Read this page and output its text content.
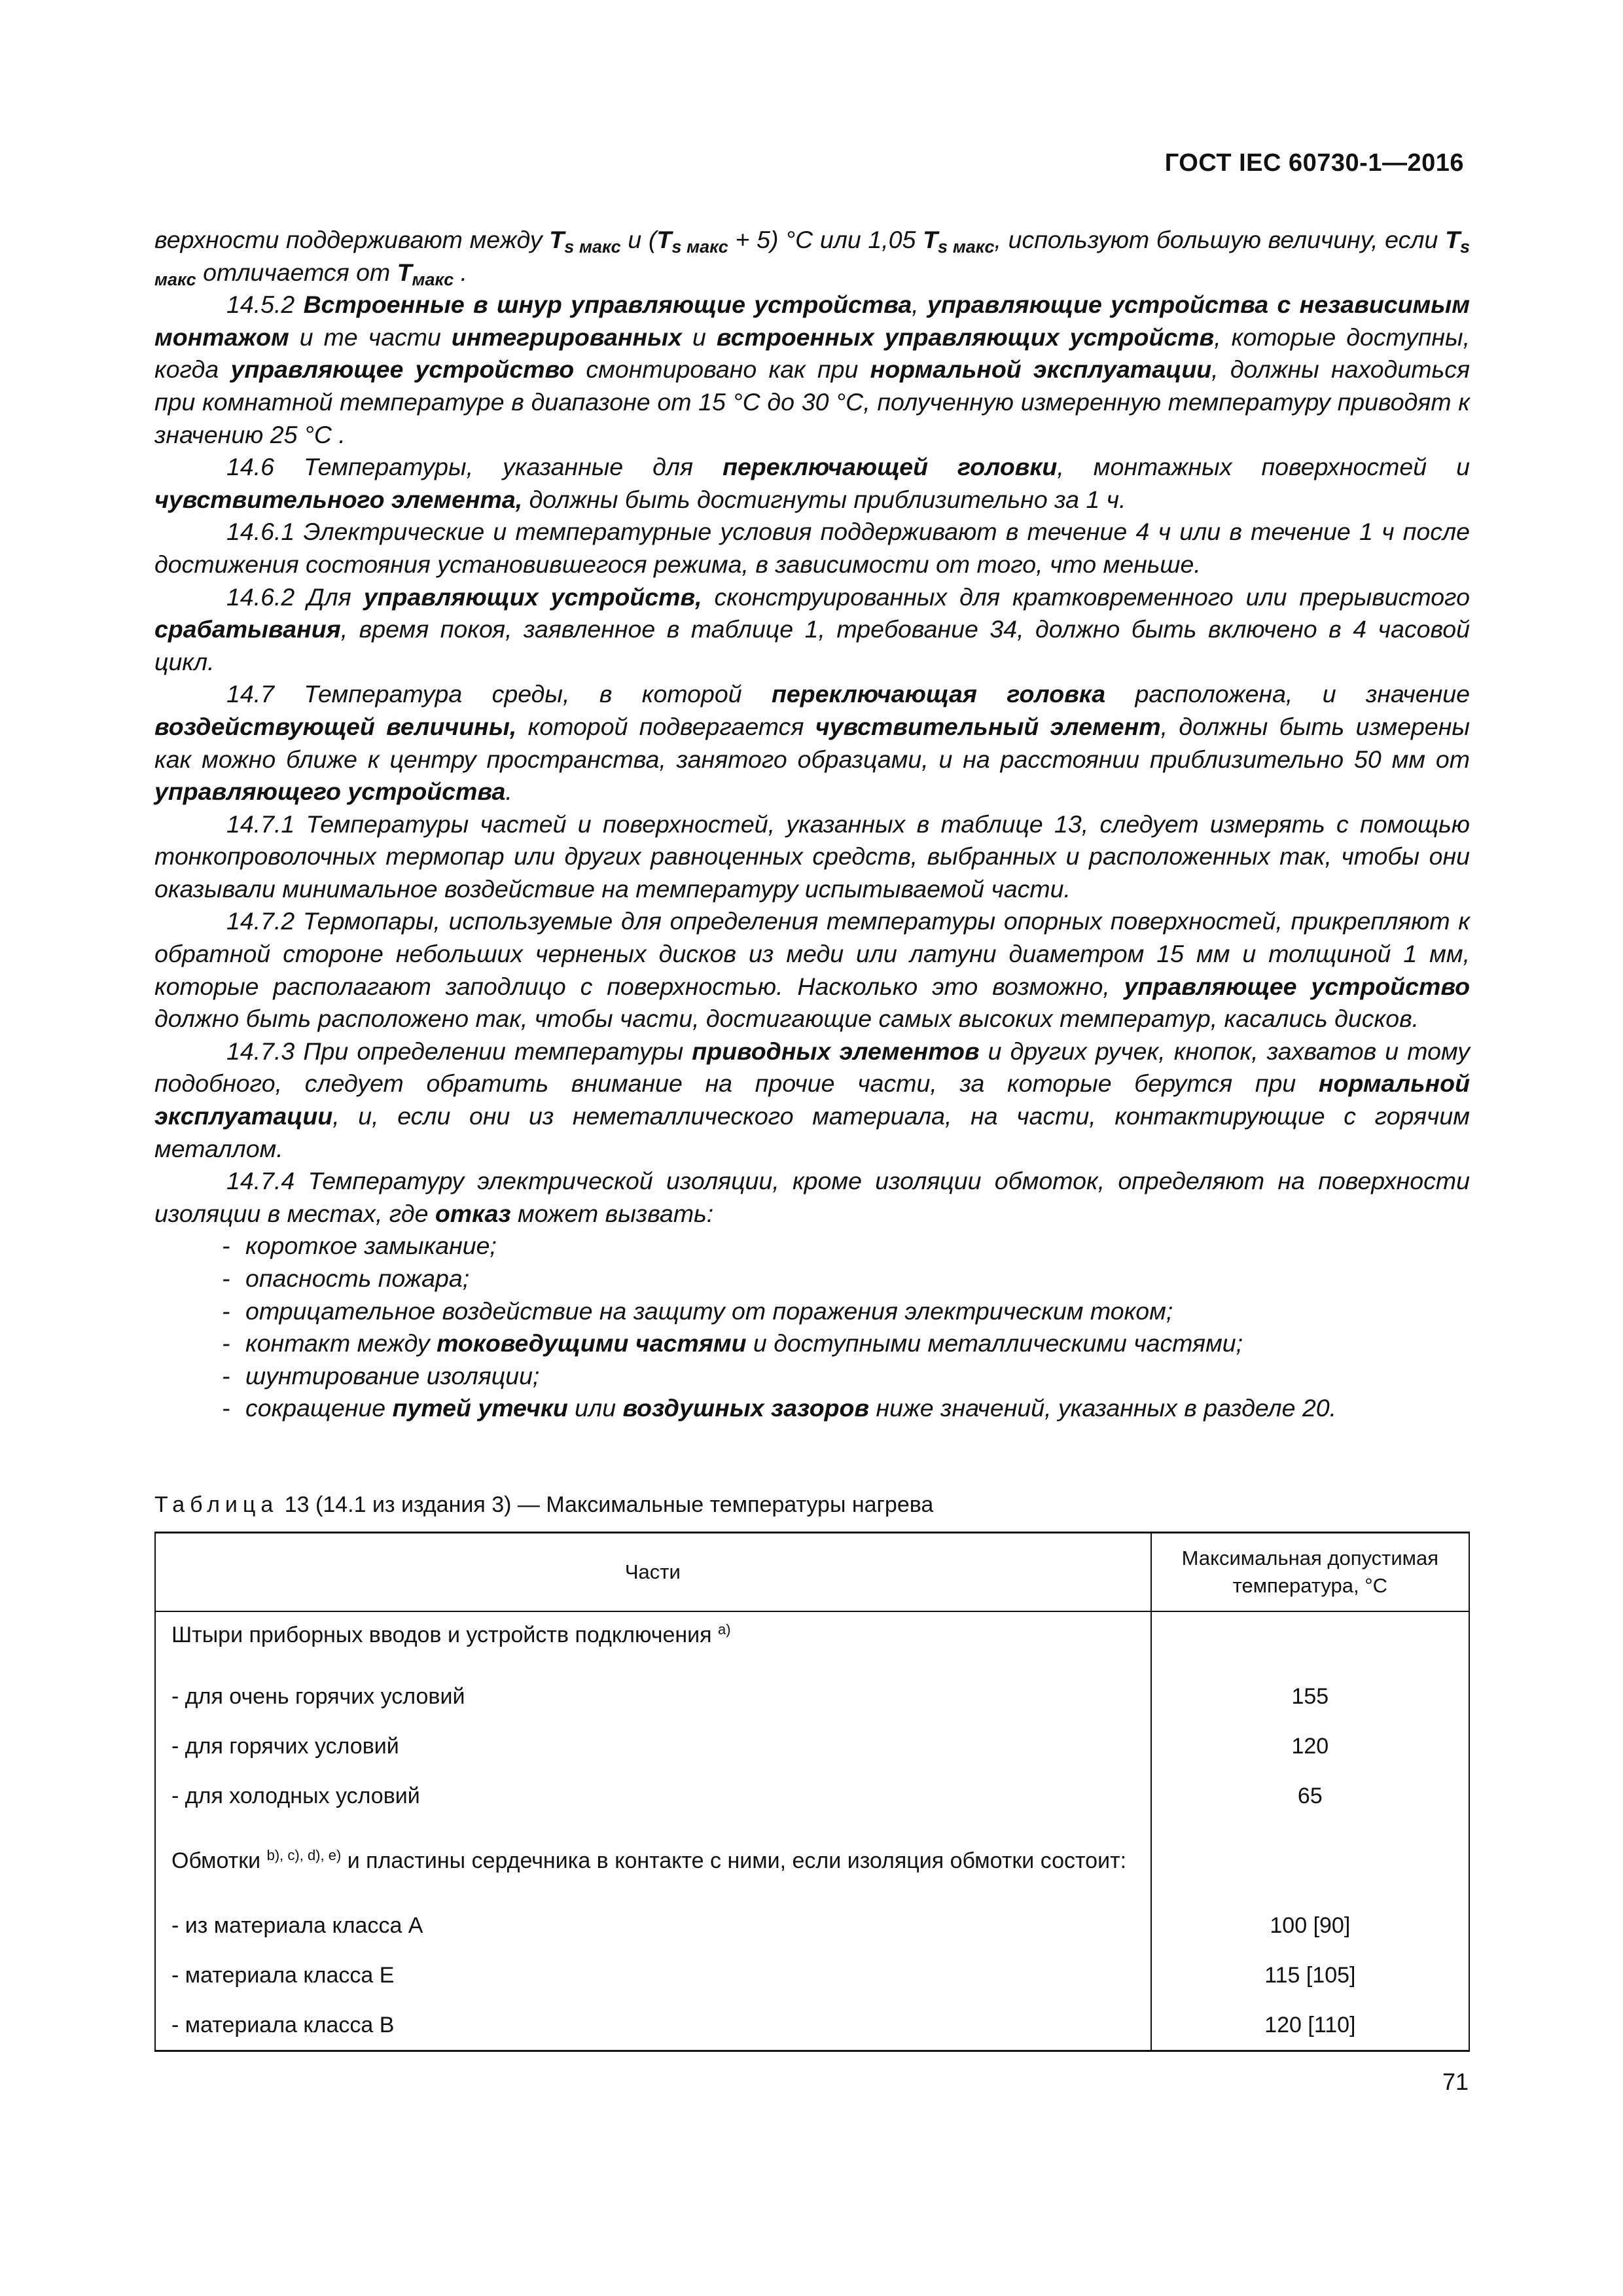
ГОСТ IEC 60730-1—2016

верхности поддерживают между $T_{s макс}$ и $(T_{s макс} + 5)$ °С или 1,05 $T_{s макс}$, используют большую величину, если $T_{s макс}$ отличается от $T_{макс}$ .

14.5.2 Встроенные в шнур управляющие устройства, управляющие устройства с независимым монтажом и те части интегрированных и встроенных управляющих устройств, которые доступны, когда управляющее устройство смонтировано как при нормальной эксплуатации, должны находиться при комнатной температуре в диапазоне от 15 °С до 30 °С, полученную измеренную температуру приводят к значению 25 °С .

14.6 Температуры, указанные для переключающей головки, монтажных поверхностей и чувствительного элемента, должны быть достигнуты приблизительно за 1 ч.

14.6.1 Электрические и температурные условия поддерживают в течение 4 ч или в течение 1 ч после достижения состояния установившегося режима, в зависимости от того, что меньше.

14.6.2 Для управляющих устройств, сконструированных для кратковременного или прерывистого срабатывания, время покоя, заявленное в таблице 1, требование 34, должно быть включено в 4 часовой цикл.

14.7 Температура среды, в которой переключающая головка расположена, и значение воздействующей величины, которой подвергается чувствительный элемент, должны быть измерены как можно ближе к центру пространства, занятого образцами, и на расстоянии приблизительно 50 мм от управляющего устройства.

14.7.1 Температуры частей и поверхностей, указанных в таблице 13, следует измерять с помощью тонкопроволочных термопар или других равноценных средств, выбранных и расположенных так, чтобы они оказывали минимальное воздействие на температуру испытываемой части.

14.7.2 Термопары, используемые для определения температуры опорных поверхностей, прикрепляют к обратной стороне небольших черненых дисков из меди или латуни диаметром 15 мм и толщиной 1 мм, которые располагают заподлицо с поверхностью. Насколько это возможно, управляющее устройство должно быть расположено так, чтобы части, достигающие самых высоких температур, касались дисков.

14.7.3 При определении температуры приводных элементов и других ручек, кнопок, захватов и тому подобного, следует обратить внимание на прочие части, за которые берутся при нормальной эксплуатации, и, если они из неметаллического материала, на части, контактирующие с горячим металлом.

14.7.4 Температуру электрической изоляции, кроме изоляции обмоток, определяют на поверхности изоляции в местах, где отказ может вызвать:

- короткое замыкание;
- опасность пожара;
- отрицательное воздействие на защиту от поражения электрическим током;
- контакт между токоведущими частями и доступными металлическими частями;
- шунтирование изоляции;
- сокращение путей утечки или воздушных зазоров ниже значений, указанных в разделе 20.
Таблица 13 (14.1 из издания 3) — Максимальные температуры нагрева
Части	Максимальная допустимая
температура, °С
Штыри приборных вводов и устройств подключения $^{a)}$	
- для очень горячих условий	155
- для горячих условий	120
- для холодных условий	65
Обмотки $^{b), c), d), e)}$ и пластины сердечника в контакте с ними, если изоляция обмотки состоит:	
- из материала класса А	100 [90]
- материала класса Е	115 [105]
- материала класса В	120 [110]
71
